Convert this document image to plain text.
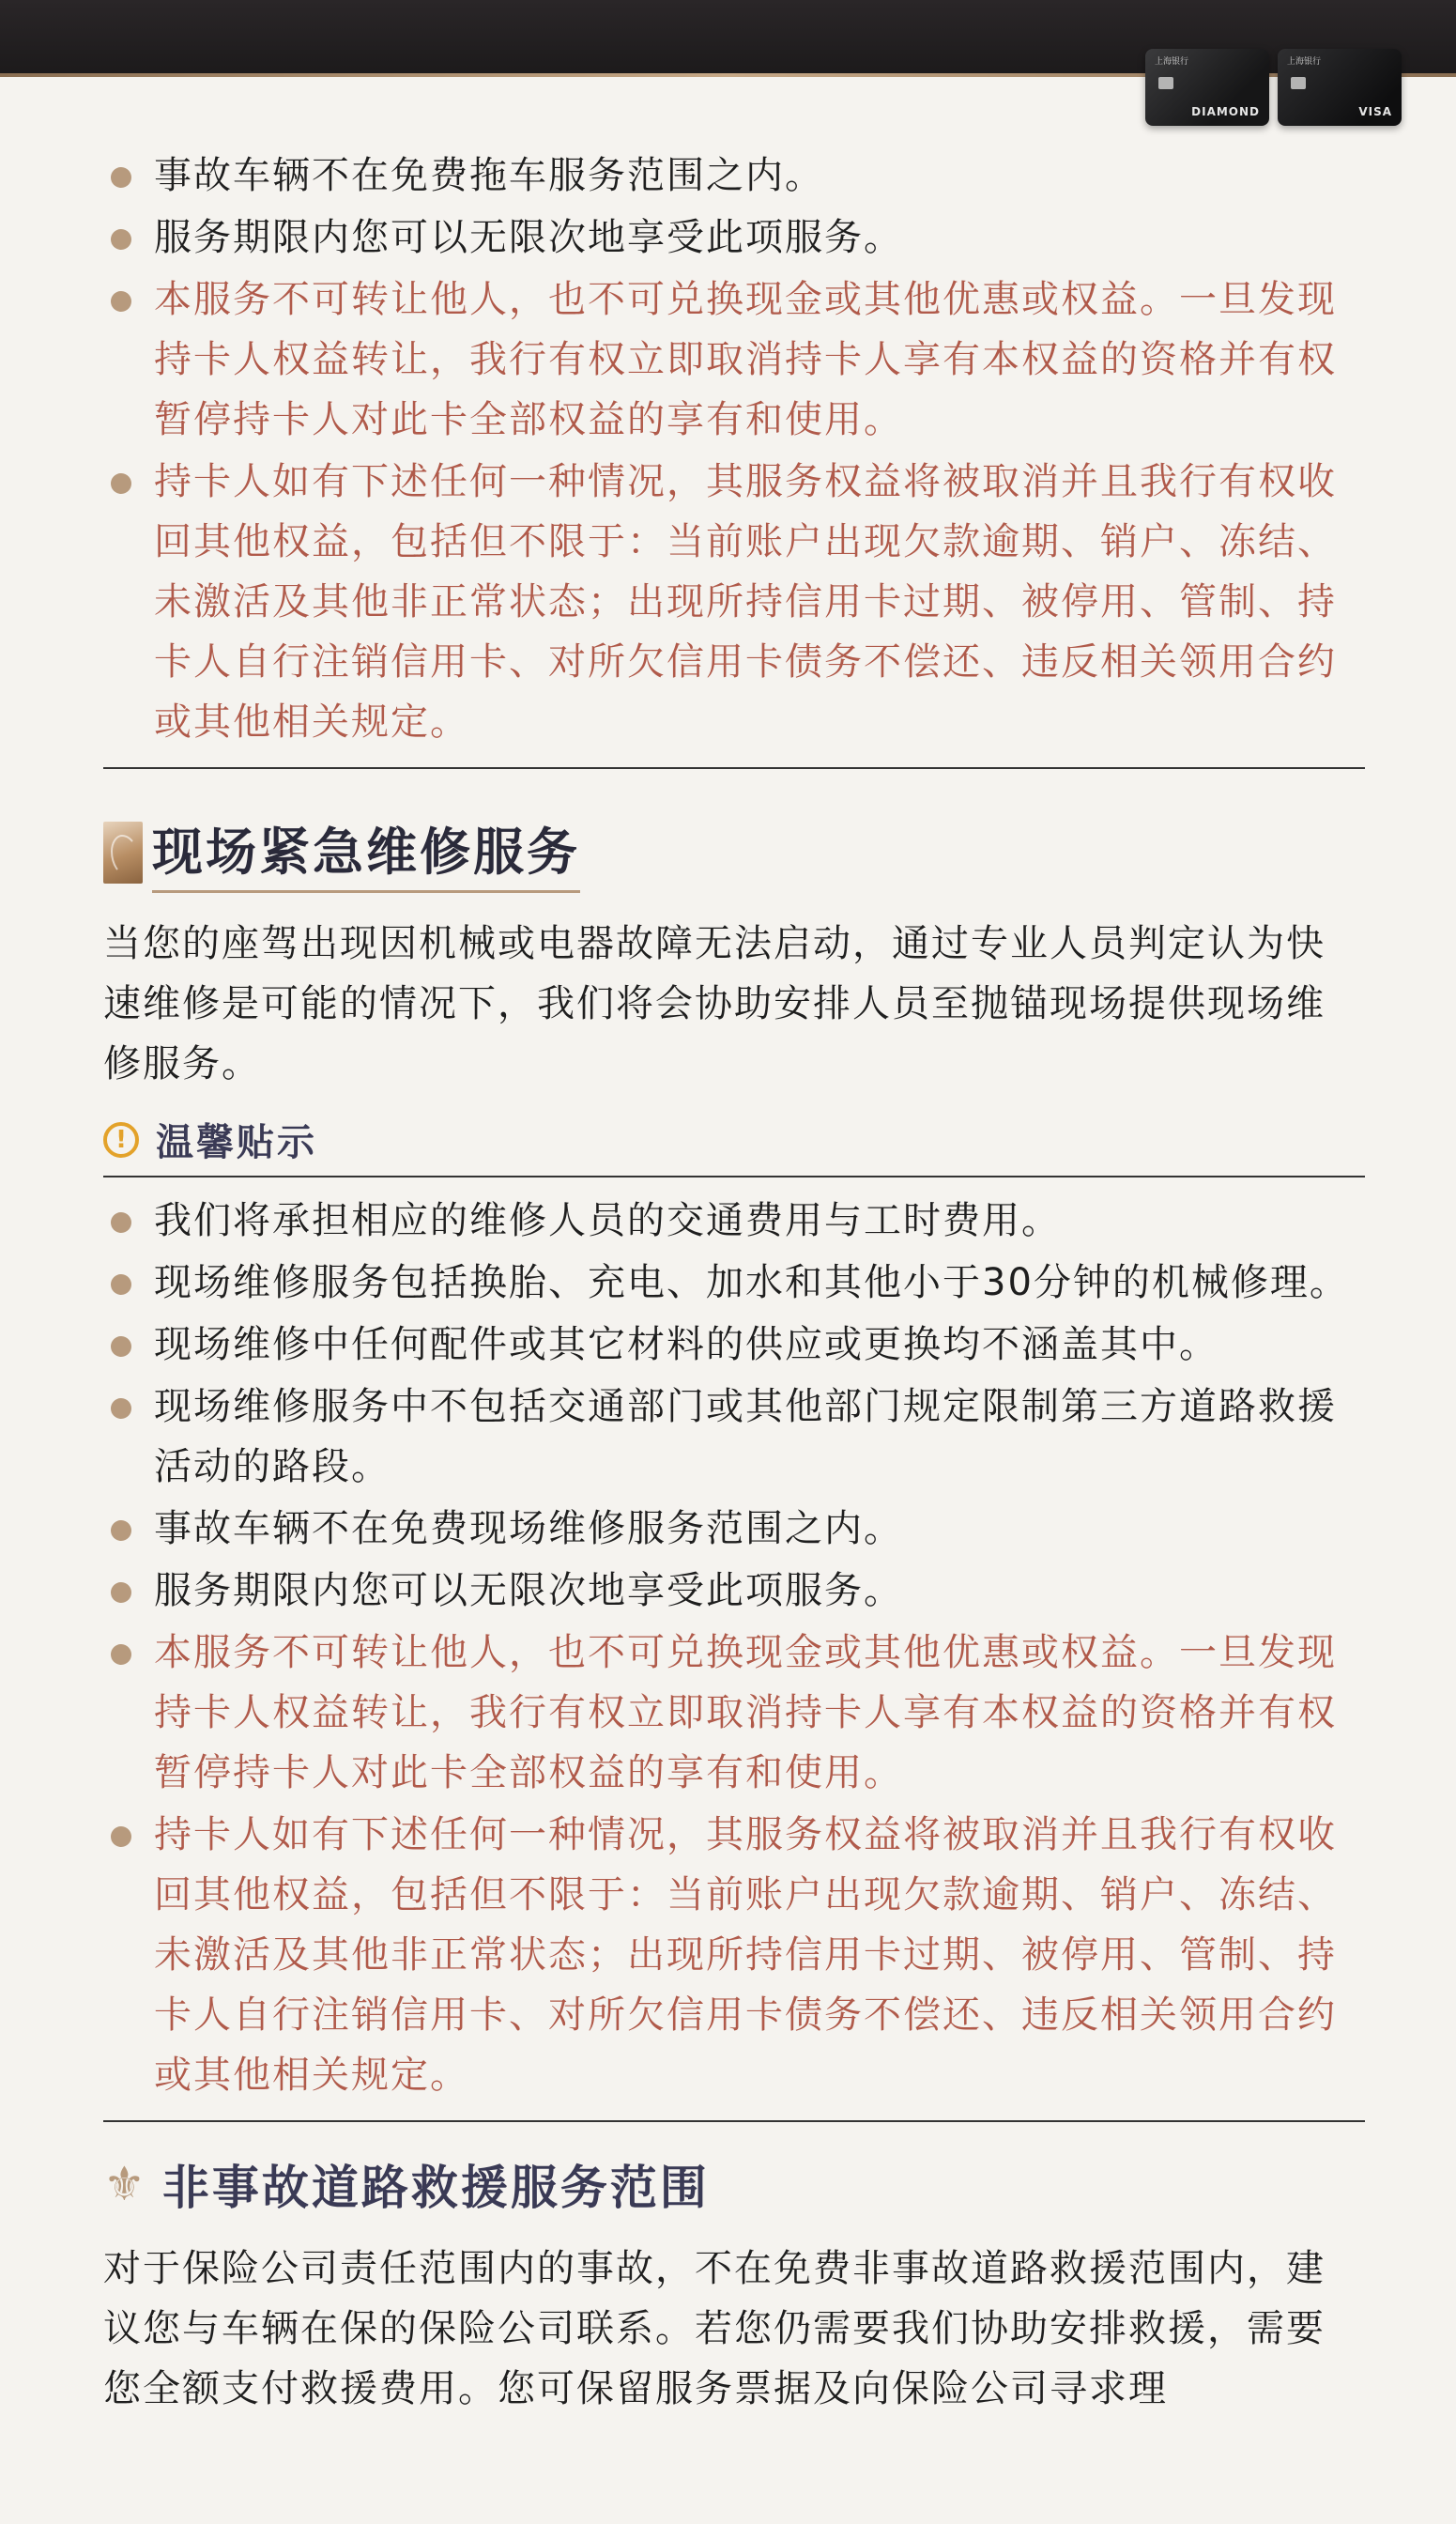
上海银行
DIAMOND
上海银行
VISA
事故车辆不在免费拖车服务范围之内。
服务期限内您可以无限次地享受此项服务。
本服务不可转让他人，也不可兑换现金或其他优惠或权益。一旦发现持卡人权益转让，我行有权立即取消持卡人享有本权益的资格并有权暂停持卡人对此卡全部权益的享有和使用。
持卡人如有下述任何一种情况，其服务权益将被取消并且我行有权收回其他权益，包括但不限于：当前账户出现欠款逾期、销户、冻结、未激活及其他非正常状态；出现所持信用卡过期、被停用、管制、持卡人自行注销信用卡、对所欠信用卡债务不偿还、违反相关领用合约或其他相关规定。
现场紧急维修服务

当您的座驾出现因机械或电器故障无法启动，通过专业人员判定认为快速维修是可能的情况下，我们将会协助安排人员至抛锚现场提供现场维修服务。

! 温馨贴示
我们将承担相应的维修人员的交通费用与工时费用。
现场维修服务包括换胎、充电、加水和其他小于30分钟的机械修理。
现场维修中任何配件或其它材料的供应或更换均不涵盖其中。
现场维修服务中不包括交通部门或其他部门规定限制第三方道路救援活动的路段。
事故车辆不在免费现场维修服务范围之内。
服务期限内您可以无限次地享受此项服务。
本服务不可转让他人，也不可兑换现金或其他优惠或权益。一旦发现持卡人权益转让，我行有权立即取消持卡人享有本权益的资格并有权暂停持卡人对此卡全部权益的享有和使用。
持卡人如有下述任何一种情况，其服务权益将被取消并且我行有权收回其他权益，包括但不限于：当前账户出现欠款逾期、销户、冻结、未激活及其他非正常状态；出现所持信用卡过期、被停用、管制、持卡人自行注销信用卡、对所欠信用卡债务不偿还、违反相关领用合约或其他相关规定。
⚜ 非事故道路救援服务范围

对于保险公司责任范围内的事故，不在免费非事故道路救援范围内，建议您与车辆在保的保险公司联系。若您仍需要我们协助安排救援，需要您全额支付救援费用。您可保留服务票据及向保险公司寻求理
